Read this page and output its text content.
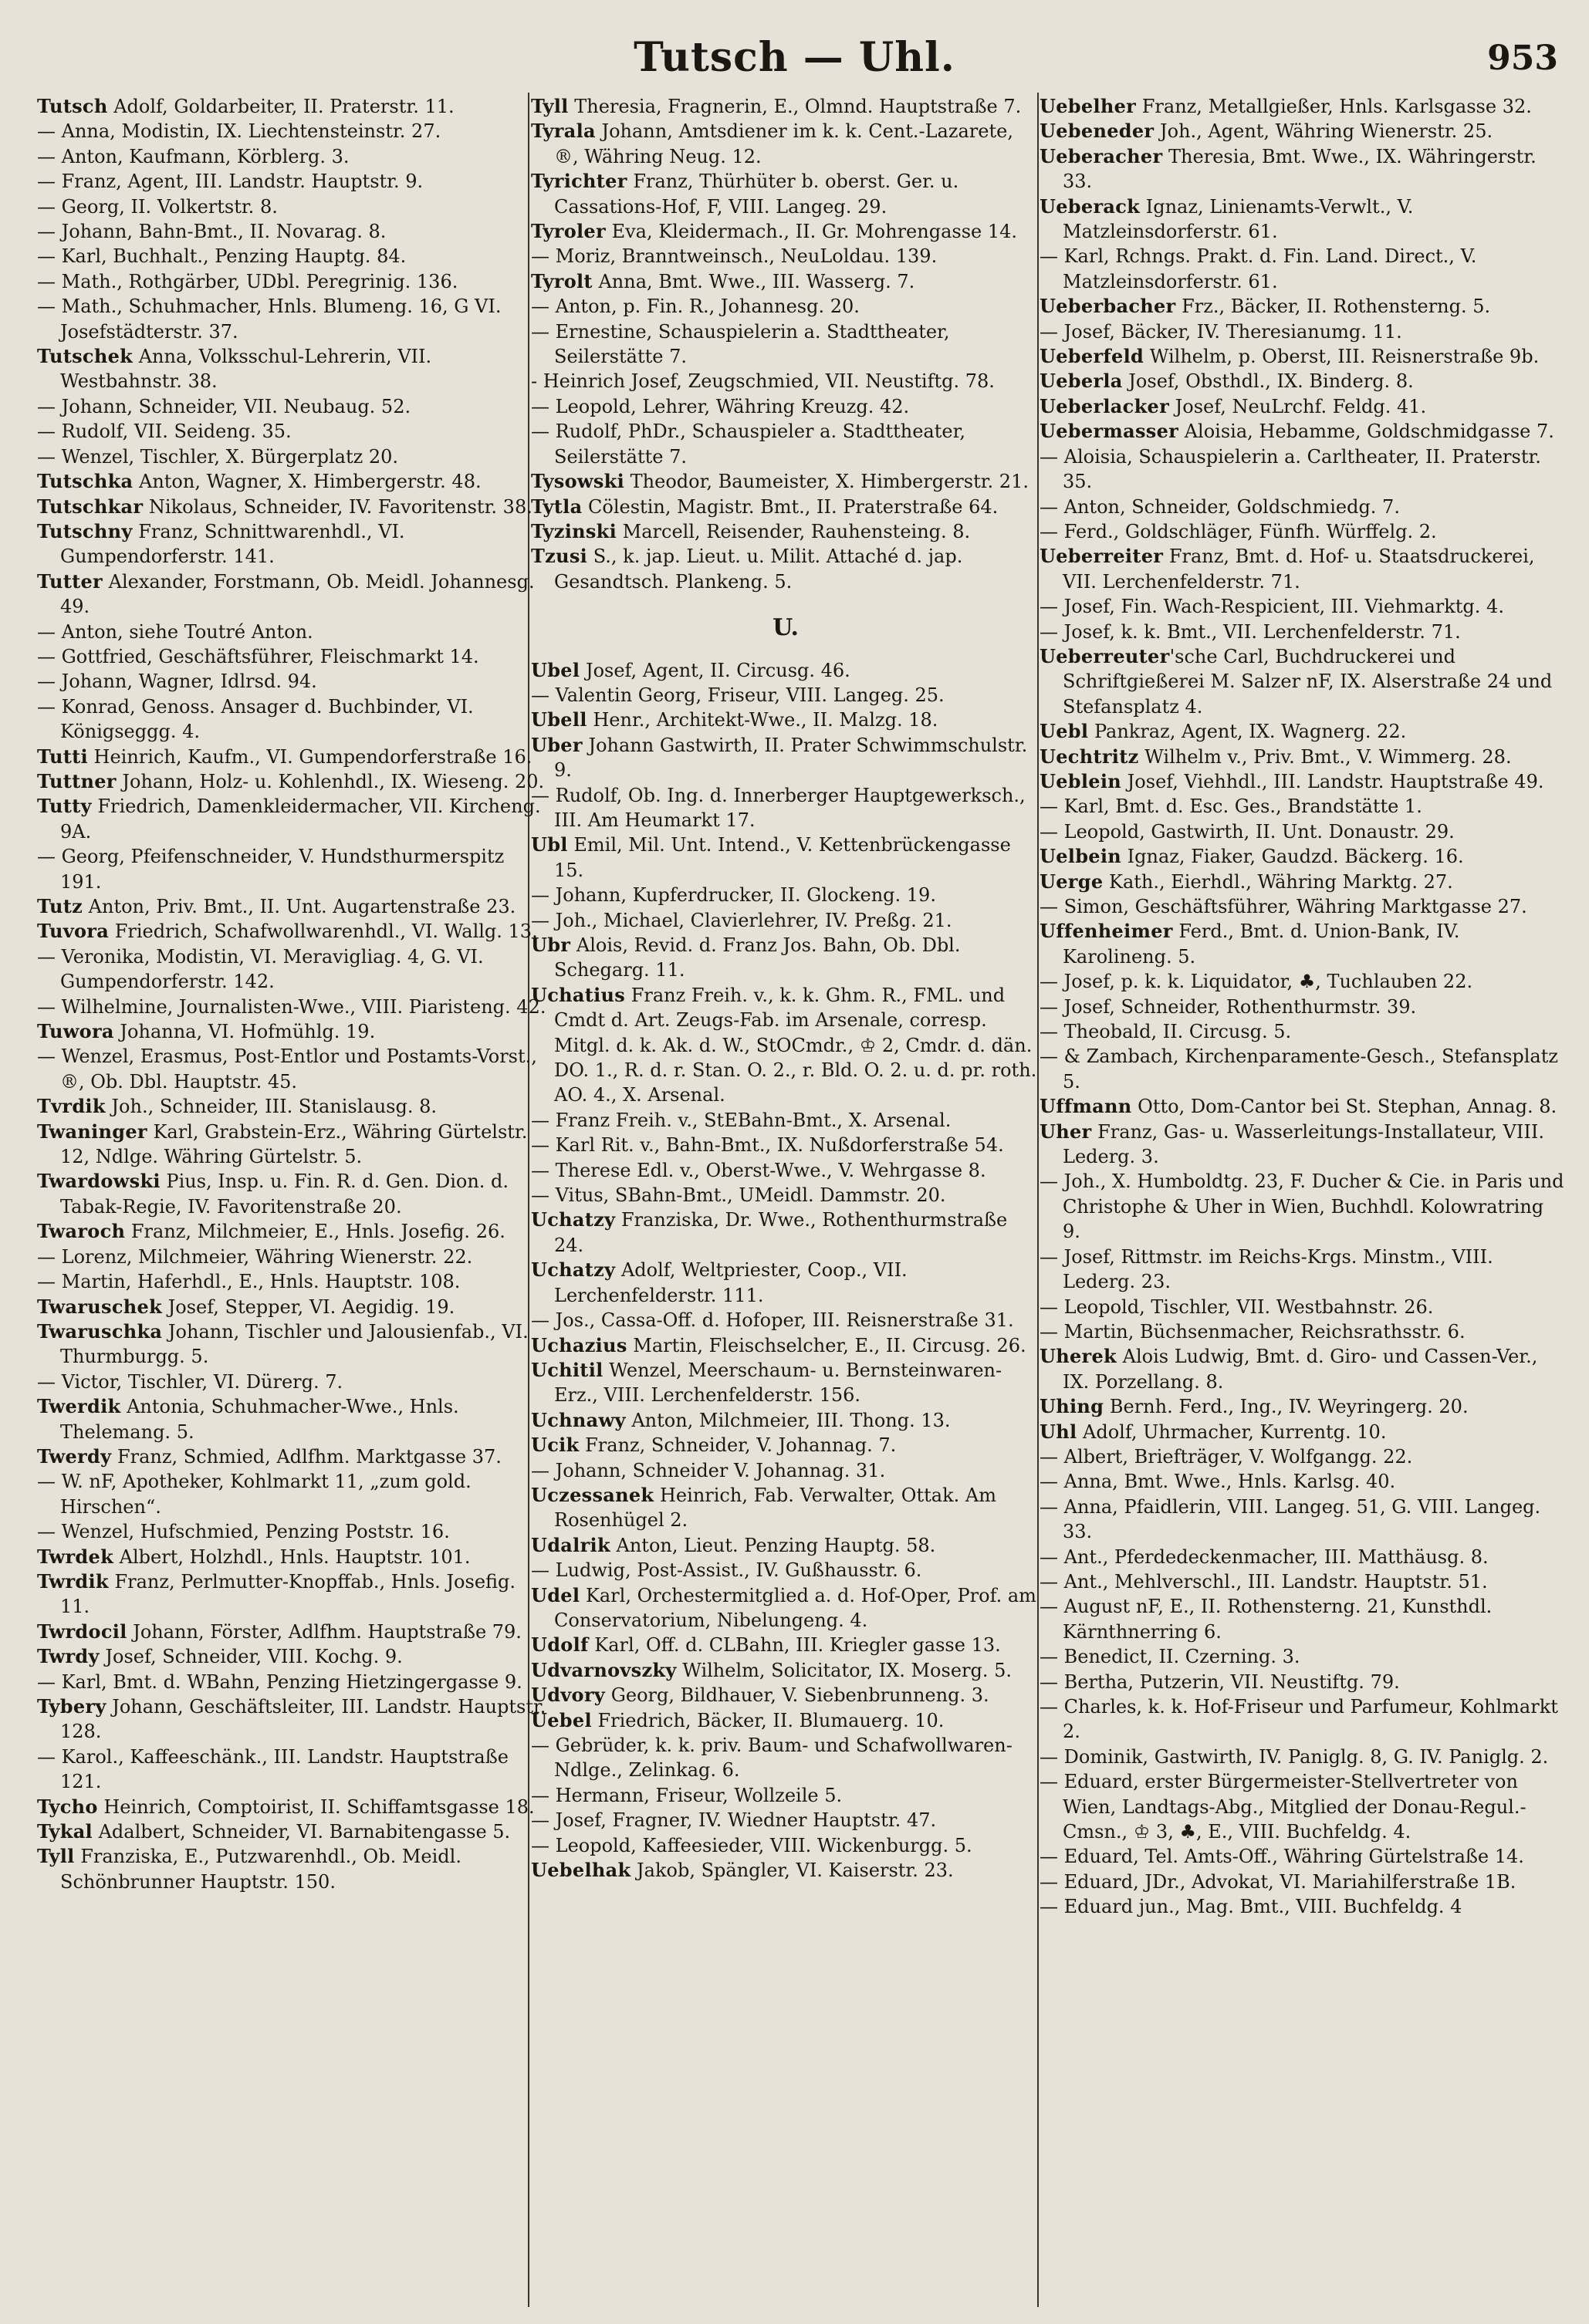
Tutsch — Uhl.	953

Tutsch Adolf, Goldarbeiter, II. Praterstr. 11.

— Anna, Modistin, IX. Liechtensteinstr. 27.

— Anton, Kaufmann, Körblerg. 3.

— Franz, Agent, III. Landstr. Hauptstr. 9.

— Georg, II. Volkertstr. 8.

— Johann, Bahn-Bmt., II. Novarag. 8.

— Karl, Buchhalt., Penzing Hauptg. 84.

— Math., Rothgärber, UDbl. Peregrinig. 136.

— Math., Schuhmacher, Hnls. Blumeng. 16, G VI. Josefstädterstr. 37.

Tutschek Anna, Volksschul-Lehrerin, VII. Westbahnstr. 38.

— Johann, Schneider, VII. Neubaug. 52.

— Rudolf, VII. Seideng. 35.

— Wenzel, Tischler, X. Bürgerplatz 20.

Tutschka Anton, Wagner, X. Himbergerstr. 48.

Tutschkar Nikolaus, Schneider, IV. Favoritenstr. 38.

Tutschny Franz, Schnittwarenhdl., VI. Gumpendorferstr. 141.

Tutter Alexander, Forstmann, Ob. Meidl. Johannesg. 49.

— Anton, siehe Toutré Anton.

— Gottfried, Geschäftsführer, Fleischmarkt 14.

— Johann, Wagner, Idlrsd. 94.

— Konrad, Genoss. Ansager d. Buchbinder, VI. Königseggg. 4.

Tutti Heinrich, Kaufm., VI. Gumpendorferstraße 16.

Tuttner Johann, Holz- u. Kohlenhdl., IX. Wieseng. 20.

Tutty Friedrich, Damenkleidermacher, VII. Kircheng. 9A.

— Georg, Pfeifenschneider, V. Hundsthurmerspitz 191.

Tutz Anton, Priv. Bmt., II. Unt. Augartenstraße 23.

Tuvora Friedrich, Schafwollwarenhdl., VI. Wallg. 13.

— Veronika, Modistin, VI. Meravigliag. 4, G. VI. Gumpendorferstr. 142.

— Wilhelmine, Journalisten-Wwe., VIII. Piaristeng. 42.

Tuwora Johanna, VI. Hofmühlg. 19.

— Wenzel, Erasmus, Post-Entlor und Postamts-Vorst., ®, Ob. Dbl. Hauptstr. 45.

Tvrdik Joh., Schneider, III. Stanislausg. 8.

Twaninger Karl, Grabstein-Erz., Währing Gürtelstr. 12, Ndlge. Währing Gürtelstr. 5.

Twardowski Pius, Insp. u. Fin. R. d. Gen. Dion. d. Tabak-Regie, IV. Favoritenstraße 20.

Twaroch Franz, Milchmeier, E., Hnls. Josefig. 26.

— Lorenz, Milchmeier, Währing Wienerstr. 22.

— Martin, Haferhdl., E., Hnls. Hauptstr. 108.

Twaruschek Josef, Stepper, VI. Aegidig. 19.

Twaruschka Johann, Tischler und Jalousienfab., VI. Thurmburgg. 5.

— Victor, Tischler, VI. Dürerg. 7.

Twerdik Antonia, Schuhmacher-Wwe., Hnls. Thelemang. 5.

Twerdy Franz, Schmied, Adlfhm. Marktgasse 37.

— W. nF, Apotheker, Kohlmarkt 11, „zum gold. Hirschen“.

— Wenzel, Hufschmied, Penzing Poststr. 16.

Twrdek Albert, Holzhdl., Hnls. Hauptstr. 101.

Twrdik Franz, Perlmutter-Knopffab., Hnls. Josefig. 11.

Twrdocil Johann, Förster, Adlfhm. Hauptstraße 79.

Twrdy Josef, Schneider, VIII. Kochg. 9.

— Karl, Bmt. d. WBahn, Penzing Hietzingergasse 9.

Tybery Johann, Geschäftsleiter, III. Landstr. Hauptstr. 128.

— Karol., Kaffeeschänk., III. Landstr. Hauptstraße 121.

Tycho Heinrich, Comptoirist, II. Schiffamtsgasse 18.

Tykal Adalbert, Schneider, VI. Barnabitengasse 5.

Tyll Franziska, E., Putzwarenhdl., Ob. Meidl. Schönbrunner Hauptstr. 150.

Tyll Theresia, Fragnerin, E., Olmnd. Hauptstraße 7.

Tyrala Johann, Amtsdiener im k. k. Cent.-Lazarete, ®, Währing Neug. 12.

Tyrichter Franz, Thürhüter b. oberst. Ger. u. Cassations-Hof, F, VIII. Langeg. 29.

Tyroler Eva, Kleidermach., II. Gr. Mohrengasse 14.

— Moriz, Branntweinsch., NeuLoldau. 139.

Tyrolt Anna, Bmt. Wwe., III. Wasserg. 7.

— Anton, p. Fin. R., Johannesg. 20.

— Ernestine, Schauspielerin a. Stadttheater, Seilerstätte 7.

- Heinrich Josef, Zeugschmied, VII. Neustiftg. 78.

— Leopold, Lehrer, Währing Kreuzg. 42.

— Rudolf, PhDr., Schauspieler a. Stadttheater, Seilerstätte 7.

Tysowski Theodor, Baumeister, X. Himbergerstr. 21.

Tytla Cölestin, Magistr. Bmt., II. Praterstraße 64.

Tyzinski Marcell, Reisender, Rauhensteing. 8.

Tzusi S., k. jap. Lieut. u. Milit. Attaché d. jap. Gesandtsch. Plankeng. 5.

U.

Ubel Josef, Agent, II. Circusg. 46.

— Valentin Georg, Friseur, VIII. Langeg. 25.

Ubell Henr., Architekt-Wwe., II. Malzg. 18.

Uber Johann Gastwirth, II. Prater Schwimmschulstr. 9.

— Rudolf, Ob. Ing. d. Innerberger Hauptgewerksch., III. Am Heumarkt 17.

Ubl Emil, Mil. Unt. Intend., V. Kettenbrückengasse 15.

— Johann, Kupferdrucker, II. Glockeng. 19.

— Joh., Michael, Clavierlehrer, IV. Preßg. 21.

Ubr Alois, Revid. d. Franz Jos. Bahn, Ob. Dbl. Schegarg. 11.

Uchatius Franz Freih. v., k. k. Ghm. R., FML. und Cmdt d. Art. Zeugs-Fab. im Arsenale, corresp. Mitgl. d. k. Ak. d. W., StOCmdr., ♔ 2, Cmdr. d. dän. DO. 1., R. d. r. Stan. O. 2., r. Bld. O. 2. u. d. pr. roth. AO. 4., X. Arsenal.

— Franz Freih. v., StEBahn-Bmt., X. Arsenal.

— Karl Rit. v., Bahn-Bmt., IX. Nußdorferstraße 54.

— Therese Edl. v., Oberst-Wwe., V. Wehrgasse 8.

— Vitus, SBahn-Bmt., UMeidl. Dammstr. 20.

Uchatzy Franziska, Dr. Wwe., Rothenthurmstraße 24.

Uchatzy Adolf, Weltpriester, Coop., VII. Lerchenfelderstr. 111.

— Jos., Cassa-Off. d. Hofoper, III. Reisnerstraße 31.

Uchazius Martin, Fleischselcher, E., II. Circusg. 26.

Uchitil Wenzel, Meerschaum- u. Bernsteinwaren-Erz., VIII. Lerchenfelderstr. 156.

Uchnawy Anton, Milchmeier, III. Thong. 13.

Ucik Franz, Schneider, V. Johannag. 7.

— Johann, Schneider V. Johannag. 31.

Uczessanek Heinrich, Fab. Verwalter, Ottak. Am Rosenhügel 2.

Udalrik Anton, Lieut. Penzing Hauptg. 58.

— Ludwig, Post-Assist., IV. Gußhausstr. 6.

Udel Karl, Orchestermitglied a. d. Hof-Oper, Prof. am Conservatorium, Nibelungeng. 4.

Udolf Karl, Off. d. CLBahn, III. Kriegler gasse 13.

Udvarnovszky Wilhelm, Solicitator, IX. Moserg. 5.

Udvory Georg, Bildhauer, V. Siebenbrunneng. 3.

Uebel Friedrich, Bäcker, II. Blumauerg. 10.

— Gebrüder, k. k. priv. Baum- und Schafwollwaren-Ndlge., Zelinkag. 6.

— Hermann, Friseur, Wollzeile 5.

— Josef, Fragner, IV. Wiedner Hauptstr. 47.

— Leopold, Kaffeesieder, VIII. Wickenburgg. 5.

Uebelhak Jakob, Spängler, VI. Kaiserstr. 23.

Uebelher Franz, Metallgießer, Hnls. Karlsgasse 32.

Uebeneder Joh., Agent, Währing Wienerstr. 25.

Ueberacher Theresia, Bmt. Wwe., IX. Währingerstr. 33.

Ueberack Ignaz, Linienamts-Verwlt., V. Matzleinsdorferstr. 61.

— Karl, Rchngs. Prakt. d. Fin. Land. Direct., V. Matzleinsdorferstr. 61.

Ueberbacher Frz., Bäcker, II. Rothensterng. 5.

— Josef, Bäcker, IV. Theresianumg. 11.

Ueberfeld Wilhelm, p. Oberst, III. Reisnerstraße 9b.

Ueberla Josef, Obsthdl., IX. Binderg. 8.

Ueberlacker Josef, NeuLrchf. Feldg. 41.

Uebermasser Aloisia, Hebamme, Goldschmidgasse 7.

— Aloisia, Schauspielerin a. Carltheater, II. Praterstr. 35.

— Anton, Schneider, Goldschmiedg. 7.

— Ferd., Goldschläger, Fünfh. Würffelg. 2.

Ueberreiter Franz, Bmt. d. Hof- u. Staatsdruckerei, VII. Lerchenfelderstr. 71.

— Josef, Fin. Wach-Respicient, III. Viehmarktg. 4.

— Josef, k. k. Bmt., VII. Lerchenfelderstr. 71.

Ueberreuter'sche Carl, Buchdruckerei und Schriftgießerei M. Salzer nF, IX. Alserstraße 24 und Stefansplatz 4.

Uebl Pankraz, Agent, IX. Wagnerg. 22.

Uechtritz Wilhelm v., Priv. Bmt., V. Wimmerg. 28.

Ueblein Josef, Viehhdl., III. Landstr. Hauptstraße 49.

— Karl, Bmt. d. Esc. Ges., Brandstätte 1.

— Leopold, Gastwirth, II. Unt. Donaustr. 29.

Uelbein Ignaz, Fiaker, Gaudzd. Bäckerg. 16.

Uerge Kath., Eierhdl., Währing Marktg. 27.

— Simon, Geschäftsführer, Währing Marktgasse 27.

Uffenheimer Ferd., Bmt. d. Union-Bank, IV. Karolineng. 5.

— Josef, p. k. k. Liquidator, ♣, Tuchlauben 22.

— Josef, Schneider, Rothenthurmstr. 39.

— Theobald, II. Circusg. 5.

— & Zambach, Kirchenparamente-Gesch., Stefansplatz 5.

Uffmann Otto, Dom-Cantor bei St. Stephan, Annag. 8.

Uher Franz, Gas- u. Wasserleitungs-Installateur, VIII. Lederg. 3.

— Joh., X. Humboldtg. 23, F. Ducher & Cie. in Paris und Christophe & Uher in Wien, Buchhdl. Kolowratring 9.

— Josef, Rittmstr. im Reichs-Krgs. Minstm., VIII. Lederg. 23.

— Leopold, Tischler, VII. Westbahnstr. 26.

— Martin, Büchsenmacher, Reichsrathsstr. 6.

Uherek Alois Ludwig, Bmt. d. Giro- und Cassen-Ver., IX. Porzellang. 8.

Uhing Bernh. Ferd., Ing., IV. Weyringerg. 20.

Uhl Adolf, Uhrmacher, Kurrentg. 10.

— Albert, Briefträger, V. Wolfgangg. 22.

— Anna, Bmt. Wwe., Hnls. Karlsg. 40.

— Anna, Pfaidlerin, VIII. Langeg. 51, G. VIII. Langeg. 33.

— Ant., Pferdedeckenmacher, III. Matthäusg. 8.

— Ant., Mehlverschl., III. Landstr. Hauptstr. 51.

— August nF, E., II. Rothensterng. 21, Kunsthdl. Kärnthnerring 6.

— Benedict, II. Czerning. 3.

— Bertha, Putzerin, VII. Neustiftg. 79.

— Charles, k. k. Hof-Friseur und Parfumeur, Kohlmarkt 2.

— Dominik, Gastwirth, IV. Paniglg. 8, G. IV. Paniglg. 2.

— Eduard, erster Bürgermeister-Stellvertreter von Wien, Landtags-Abg., Mitglied der Donau-Regul.-Cmsn., ♔ 3, ♣, E., VIII. Buchfeldg. 4.

— Eduard, Tel. Amts-Off., Währing Gürtelstraße 14.

— Eduard, JDr., Advokat, VI. Mariahilferstraße 1B.

— Eduard jun., Mag. Bmt., VIII. Buchfeldg. 4
